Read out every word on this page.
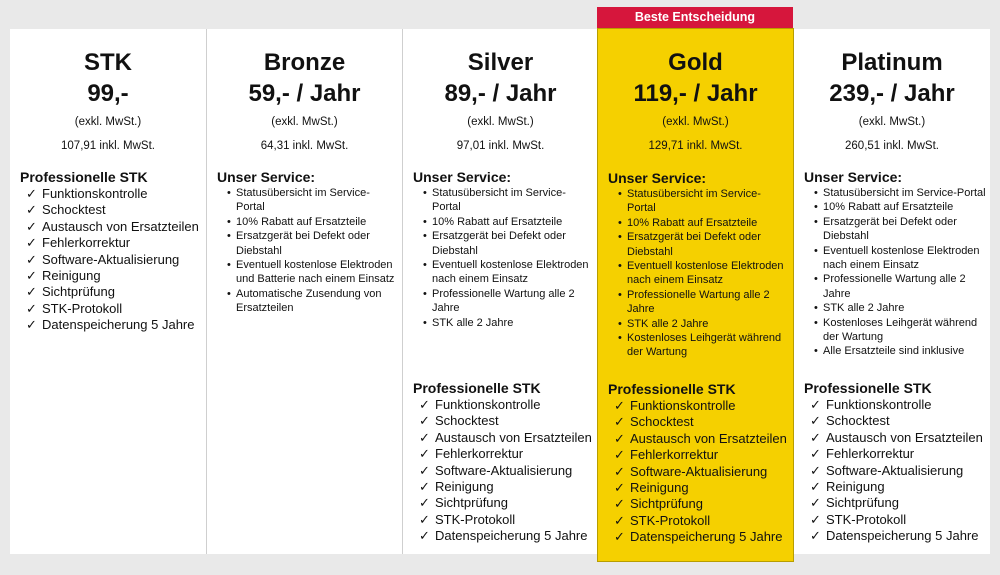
Beste Entscheidung
STK
99,-
(exkl. MwSt.)
107,91 inkl. MwSt.
Professionelle STK
✓ Funktionskontrolle
✓ Schocktest
✓ Austausch von Ersatzteilen
✓ Fehlerkorrektur
✓ Software-Aktualisierung
✓ Reinigung
✓ Sichtprüfung
✓ STK-Protokoll
✓ Datenspeicherung 5 Jahre
Bronze
59,- / Jahr
(exkl. MwSt.)
64,31 inkl. MwSt.
Unser Service:
• Statusübersicht im Service-Portal
• 10% Rabatt auf Ersatzteile
• Ersatzgerät bei Defekt oder Diebstahl
• Eventuell kostenlose Elektroden und Batterie nach einem Einsatz
• Automatische Zusendung von Ersatzteilen
Silver
89,- / Jahr
(exkl. MwSt.)
97,01 inkl. MwSt.
Unser Service:
• Statusübersicht im Service-Portal
• 10% Rabatt auf Ersatzteile
• Ersatzgerät bei Defekt oder Diebstahl
• Eventuell kostenlose Elektroden nach einem Einsatz
• Professionelle Wartung alle 2 Jahre
• STK alle 2 Jahre
Professionelle STK
✓ Funktionskontrolle
✓ Schocktest
✓ Austausch von Ersatzteilen
✓ Fehlerkorrektur
✓ Software-Aktualisierung
✓ Reinigung
✓ Sichtprüfung
✓ STK-Protokoll
✓ Datenspeicherung 5 Jahre
Gold
119,- / Jahr
(exkl. MwSt.)
129,71 inkl. MwSt.
Unser Service:
• Statusübersicht im Service-Portal
• 10% Rabatt auf Ersatzteile
• Ersatzgerät bei Defekt oder Diebstahl
• Eventuell kostenlose Elektroden nach einem Einsatz
• Professionelle Wartung alle 2 Jahre
• STK alle 2 Jahre
• Kostenloses Leihgerät während der Wartung
Professionelle STK
✓ Funktionskontrolle
✓ Schocktest
✓ Austausch von Ersatzteilen
✓ Fehlerkorrektur
✓ Software-Aktualisierung
✓ Reinigung
✓ Sichtprüfung
✓ STK-Protokoll
✓ Datenspeicherung 5 Jahre
Platinum
239,- / Jahr
(exkl. MwSt.)
260,51 inkl. MwSt.
Unser Service:
• Statusübersicht im Service-Portal
• 10% Rabatt auf Ersatzteile
• Ersatzgerät bei Defekt oder Diebstahl
• Eventuell kostenlose Elektroden nach einem Einsatz
• Professionelle Wartung alle 2 Jahre
• STK alle 2 Jahre
• Kostenloses Leihgerät während der Wartung
• Alle Ersatzteile sind inklusive
Professionelle STK
✓ Funktionskontrolle
✓ Schocktest
✓ Austausch von Ersatzteilen
✓ Fehlerkorrektur
✓ Software-Aktualisierung
✓ Reinigung
✓ Sichtprüfung
✓ STK-Protokoll
✓ Datenspeicherung 5 Jahre
